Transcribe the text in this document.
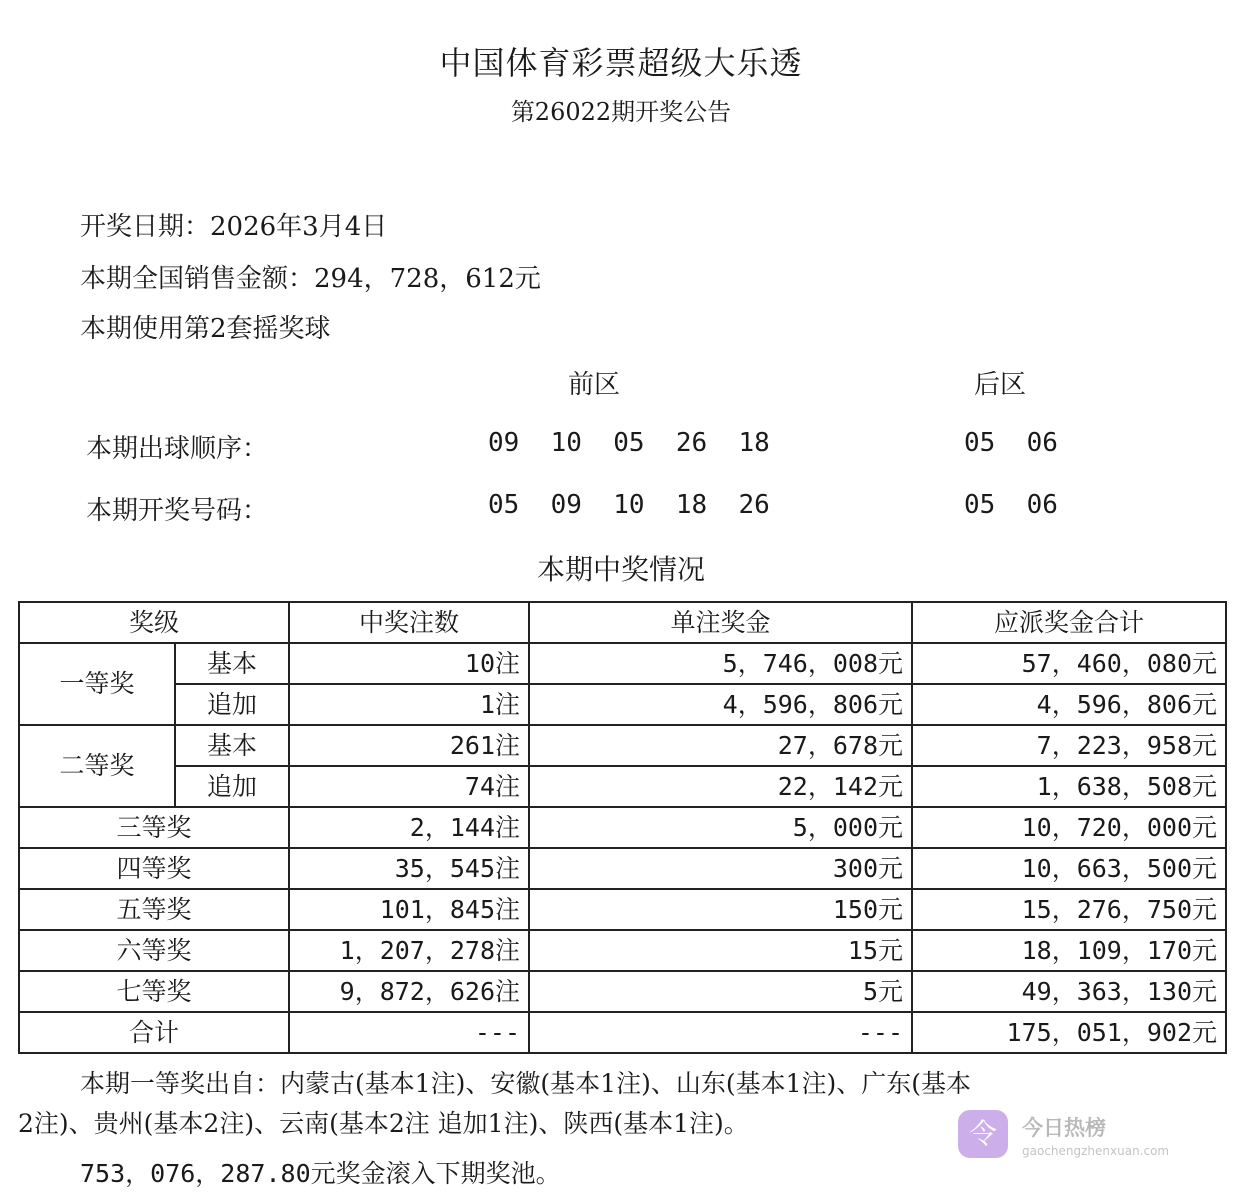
中国体育彩票超级大乐透
第26022期开奖公告
开奖日期：2026年3月4日
本期全国销售金额：294，728，612元
本期使用第2套摇奖球
前区	后区
本期出球顺序：	09  10  05  26  18	05  06
本期开奖号码：	05  09  10  18  26	05  06
本期中奖情况
奖级		中奖注数	单注奖金	应派奖金合计
一等奖	基本	10注	5，746，008元	57，460，080元
	追加	1注	4，596，806元	4，596，806元
二等奖	基本	261注	27，678元	7，223，958元
	追加	74注	22，142元	1，638，508元
三等奖		2，144注	5，000元	10，720，000元
四等奖		35，545注	300元	10，663，500元
五等奖		101，845注	150元	15，276，750元
六等奖		1，207，278注	15元	18，109，170元
七等奖		9，872，626注	5元	49，363，130元
合计		---	---	175，051，902元
本期一等奖出自：内蒙古(基本1注)、安徽(基本1注)、山东(基本1注)、广东(基本
2注)、贵州(基本2注)、云南(基本2注 追加1注)、陕西(基本1注)。
753，076，287.80元奖金滚入下期奖池。
令	今日热榜
gaochengzhenxuan.com
